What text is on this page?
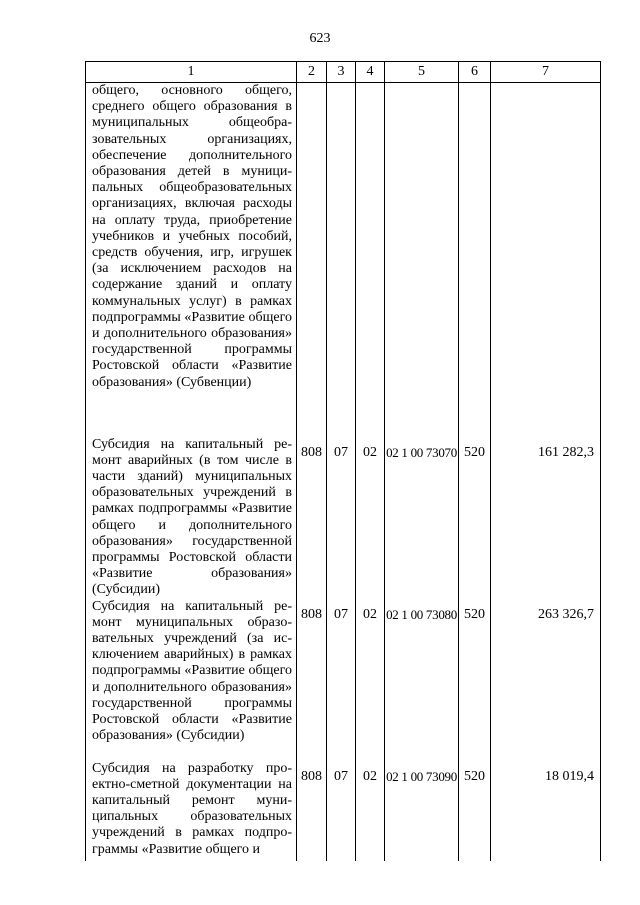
623
1	2	3	4	5	6	7
общего, основного общего, среднего общего образования в муниципальных общеобразовательных организациях, обеспечение дополнительного образования детей в муниципальных общеобразовательных организациях, включая расходы на оплату труда, приобретение учебников и учебных пособий, средств обучения, игр, игрушек (за исключением расходов на содержание зданий и оплату коммунальных услуг) в рамках подпрограммы «Развитие общего и дополнительного образования» государственной программы Ростовской области «Развитие образования» (Субвенции)						
Субсидия на капитальный ремонт аварийных (в том числе в части зданий) муниципальных образовательных учреждений в рамках подпрограммы «Развитие общего и дополнительного образования» государственной программы Ростовской области «Развитие образования» (Субсидии)	808	07	02	02 1 00 73070	520	161 282,3
Субсидия на капитальный ремонт муниципальных образовательных учреждений (за исключением аварийных) в рамках подпрограммы «Развитие общего и дополнительного образования» государственной программы Ростовской области «Развитие образования» (Субсидии)	808	07	02	02 1 00 73080	520	263 326,7
Субсидия на разработку проектно-сметной документации на капитальный ремонт муниципальных образовательных учреждений в рамках подпрограммы «Развитие общего и	808	07	02	02 1 00 73090	520	18 019,4
